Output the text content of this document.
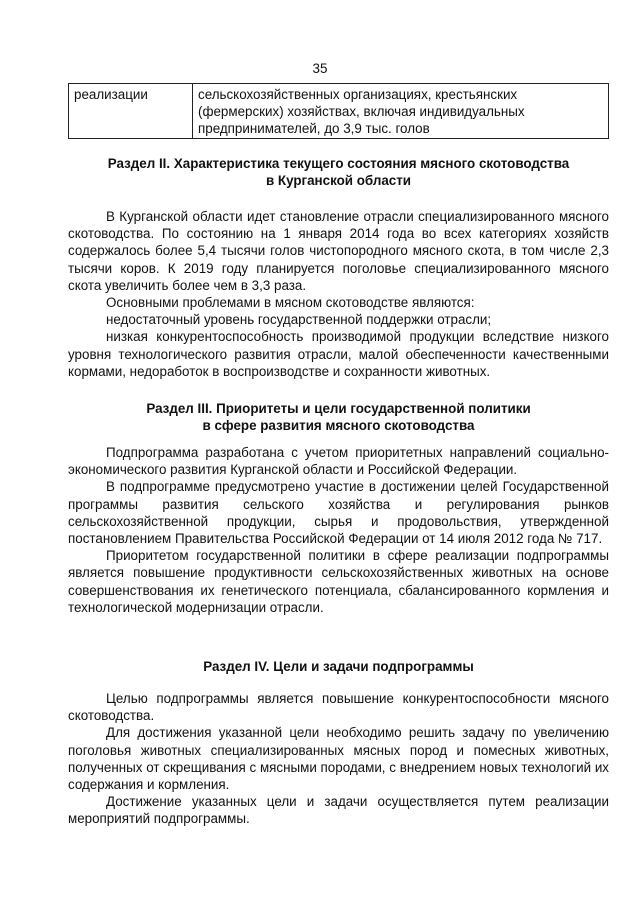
35
реализации	сельскохозяйственных организациях, крестьянских (фермерских) хозяйствах, включая индивидуальных предпринимателей, до 3,9 тыс. голов
Раздел II. Характеристика текущего состояния мясного скотоводства
в Курганской области

В Курганской области идет становление отрасли специализированного мясного скотоводства. По состоянию на 1 января 2014 года во всех категориях хозяйств содержалось более 5,4 тысячи голов чистопородного мясного скота, в том числе 2,3 тысячи коров. К 2019 году планируется поголовье специализированного мясного скота увеличить более чем в 3,3 раза.

Основными проблемами в мясном скотоводстве являются:

недостаточный уровень государственной поддержки отрасли;

низкая конкурентоспособность производимой продукции вследствие низкого уровня технологического развития отрасли, малой обеспеченности качественными кормами, недоработок в воспроизводстве и сохранности животных.

Раздел III. Приоритеты и цели государственной политики
в сфере развития мясного скотоводства

Подпрограмма разработана с учетом приоритетных направлений социально-экономического развития Курганской области и Российской Федерации.

В подпрограмме предусмотрено участие в достижении целей Государственной программы развития сельского хозяйства и регулирования рынков сельскохозяйственной продукции, сырья и продовольствия, утвержденной постановлением Правительства Российской Федерации от 14 июля 2012 года № 717.

Приоритетом государственной политики в сфере реализации подпрограммы является повышение продуктивности сельскохозяйственных животных на основе совершенствования их генетического потенциала, сбалансированного кормления и технологической модернизации отрасли.

Раздел IV. Цели и задачи подпрограммы

Целью подпрограммы является повышение конкурентоспособности мясного скотоводства.

Для достижения указанной цели необходимо решить задачу по увеличению поголовья животных специализированных мясных пород и помесных животных, полученных от скрещивания с мясными породами, с внедрением новых технологий их содержания и кормления.

Достижение указанных цели и задачи осуществляется путем реализации мероприятий подпрограммы.
